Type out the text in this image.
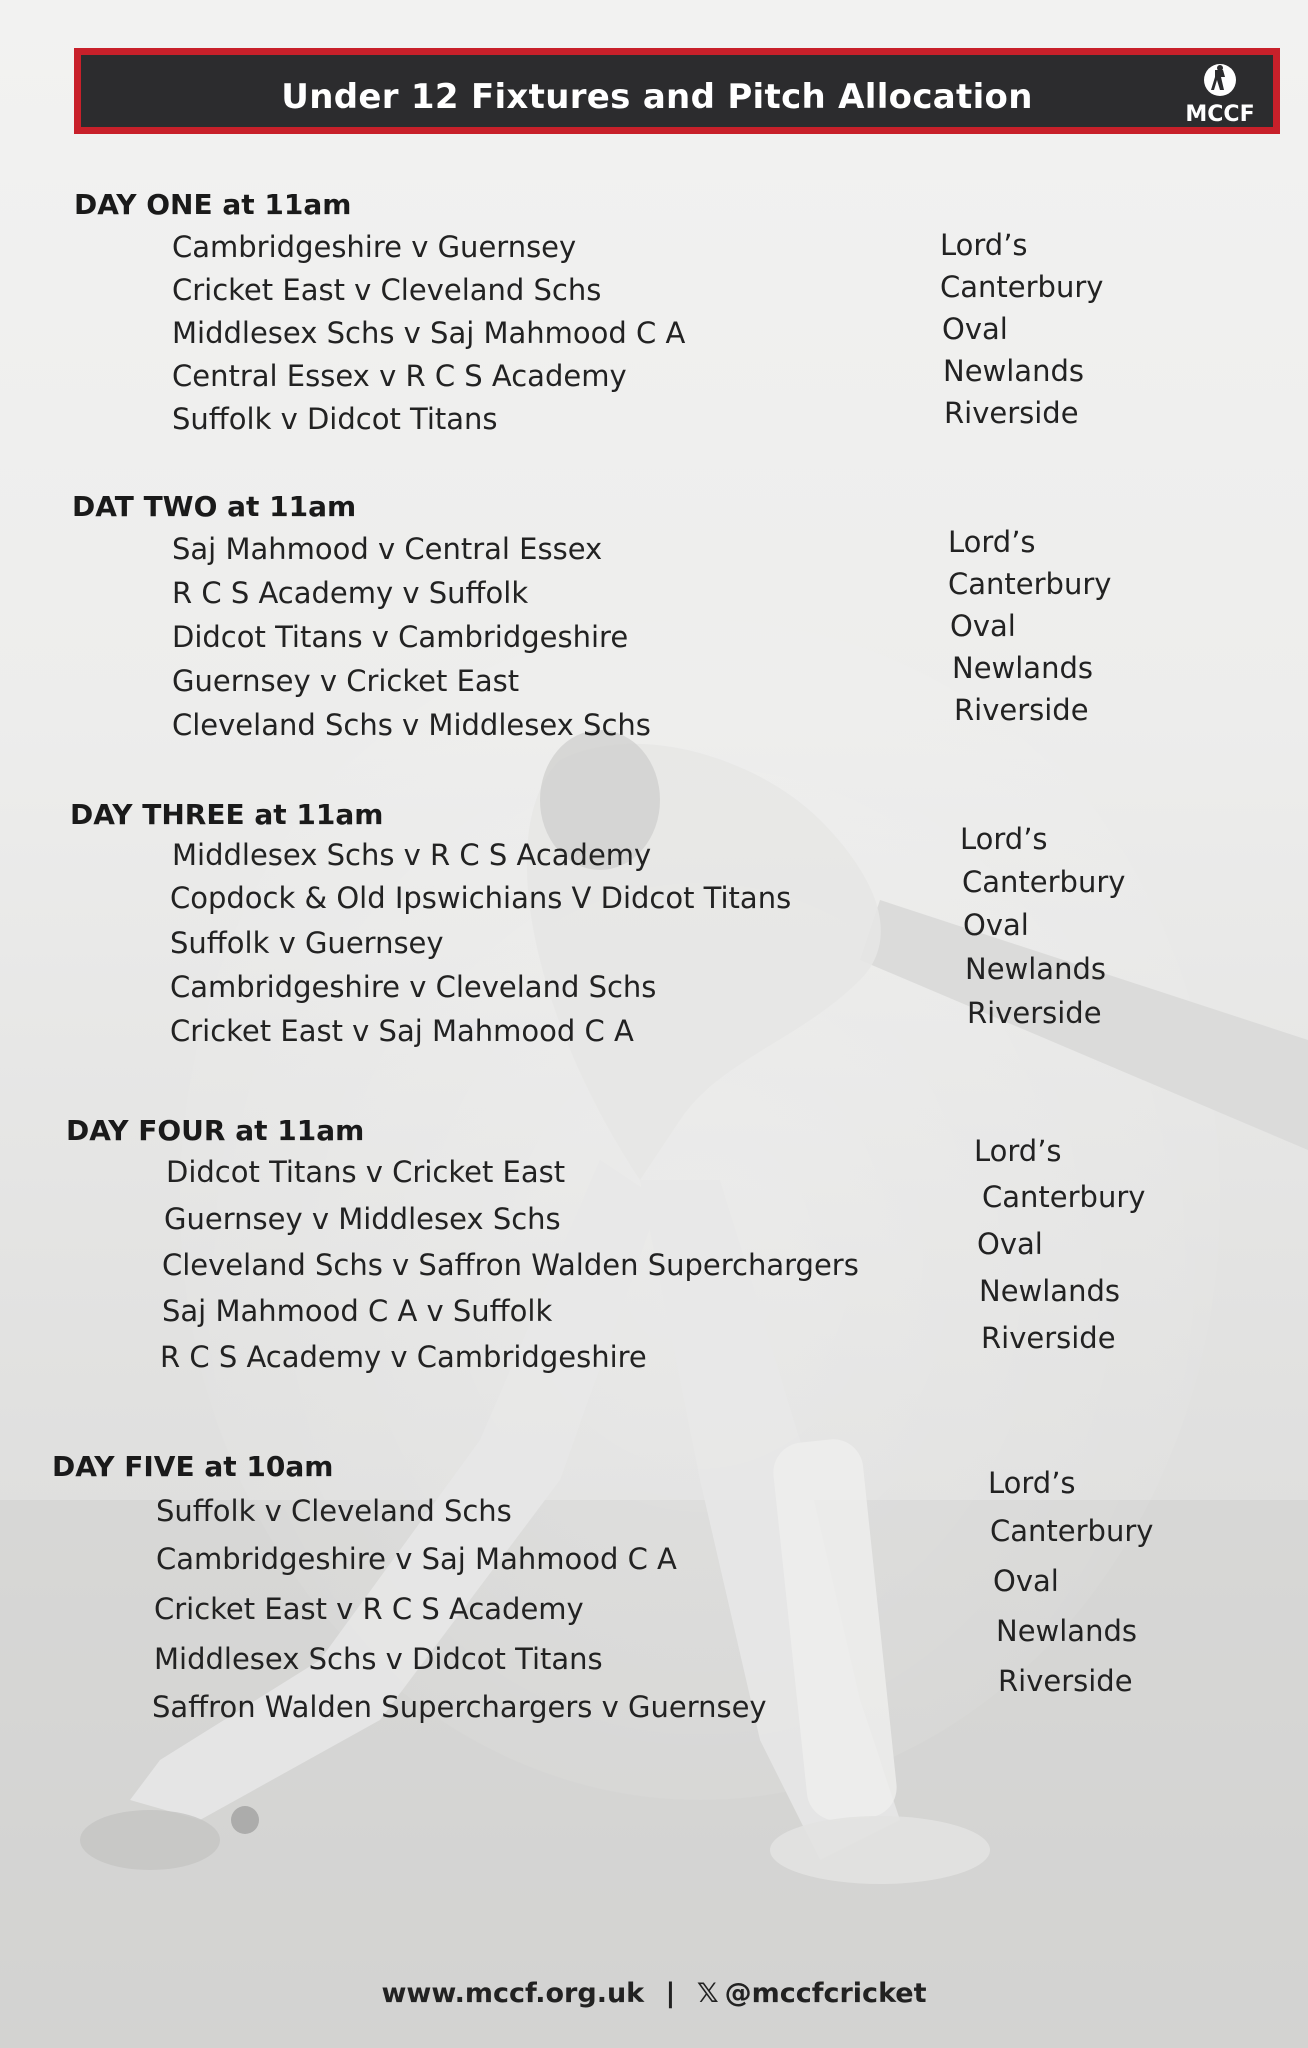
Under 12 Fixtures and Pitch Allocation	MCCF
DAY ONE at 11am
Cambridgeshire v Guernsey
Cricket East v Cleveland Schs
Middlesex Schs v Saj Mahmood C A
Central Essex v R C S Academy
Suffolk v Didcot Titans
Lord’s
Canterbury
Oval
Newlands
Riverside
DAT TWO at 11am
Saj Mahmood v Central Essex
R C S Academy v Suffolk
Didcot Titans v Cambridgeshire
Guernsey v Cricket East
Cleveland Schs v Middlesex Schs
Lord’s
Canterbury
Oval
Newlands
Riverside
DAY THREE at 11am
Middlesex Schs v R C S Academy
Copdock & Old Ipswichians V Didcot Titans
Suffolk v Guernsey
Cambridgeshire v Cleveland Schs
Cricket East v Saj Mahmood C A
Lord’s
Canterbury
Oval
Newlands
Riverside
DAY FOUR at 11am
Didcot Titans v Cricket East
Guernsey v Middlesex Schs
Cleveland Schs v Saffron Walden Superchargers
Saj Mahmood C A v Suffolk
R C S Academy v Cambridgeshire
Lord’s
Canterbury
Oval
Newlands
Riverside
DAY FIVE at 10am
Suffolk v Cleveland Schs
Cambridgeshire v Saj Mahmood C A
Cricket East v R C S Academy
Middlesex Schs v Didcot Titans
Saffron Walden Superchargers v Guernsey
Lord’s
Canterbury
Oval
Newlands
Riverside
www.mccf.org.uk | 𝕏 @mccfcricket
